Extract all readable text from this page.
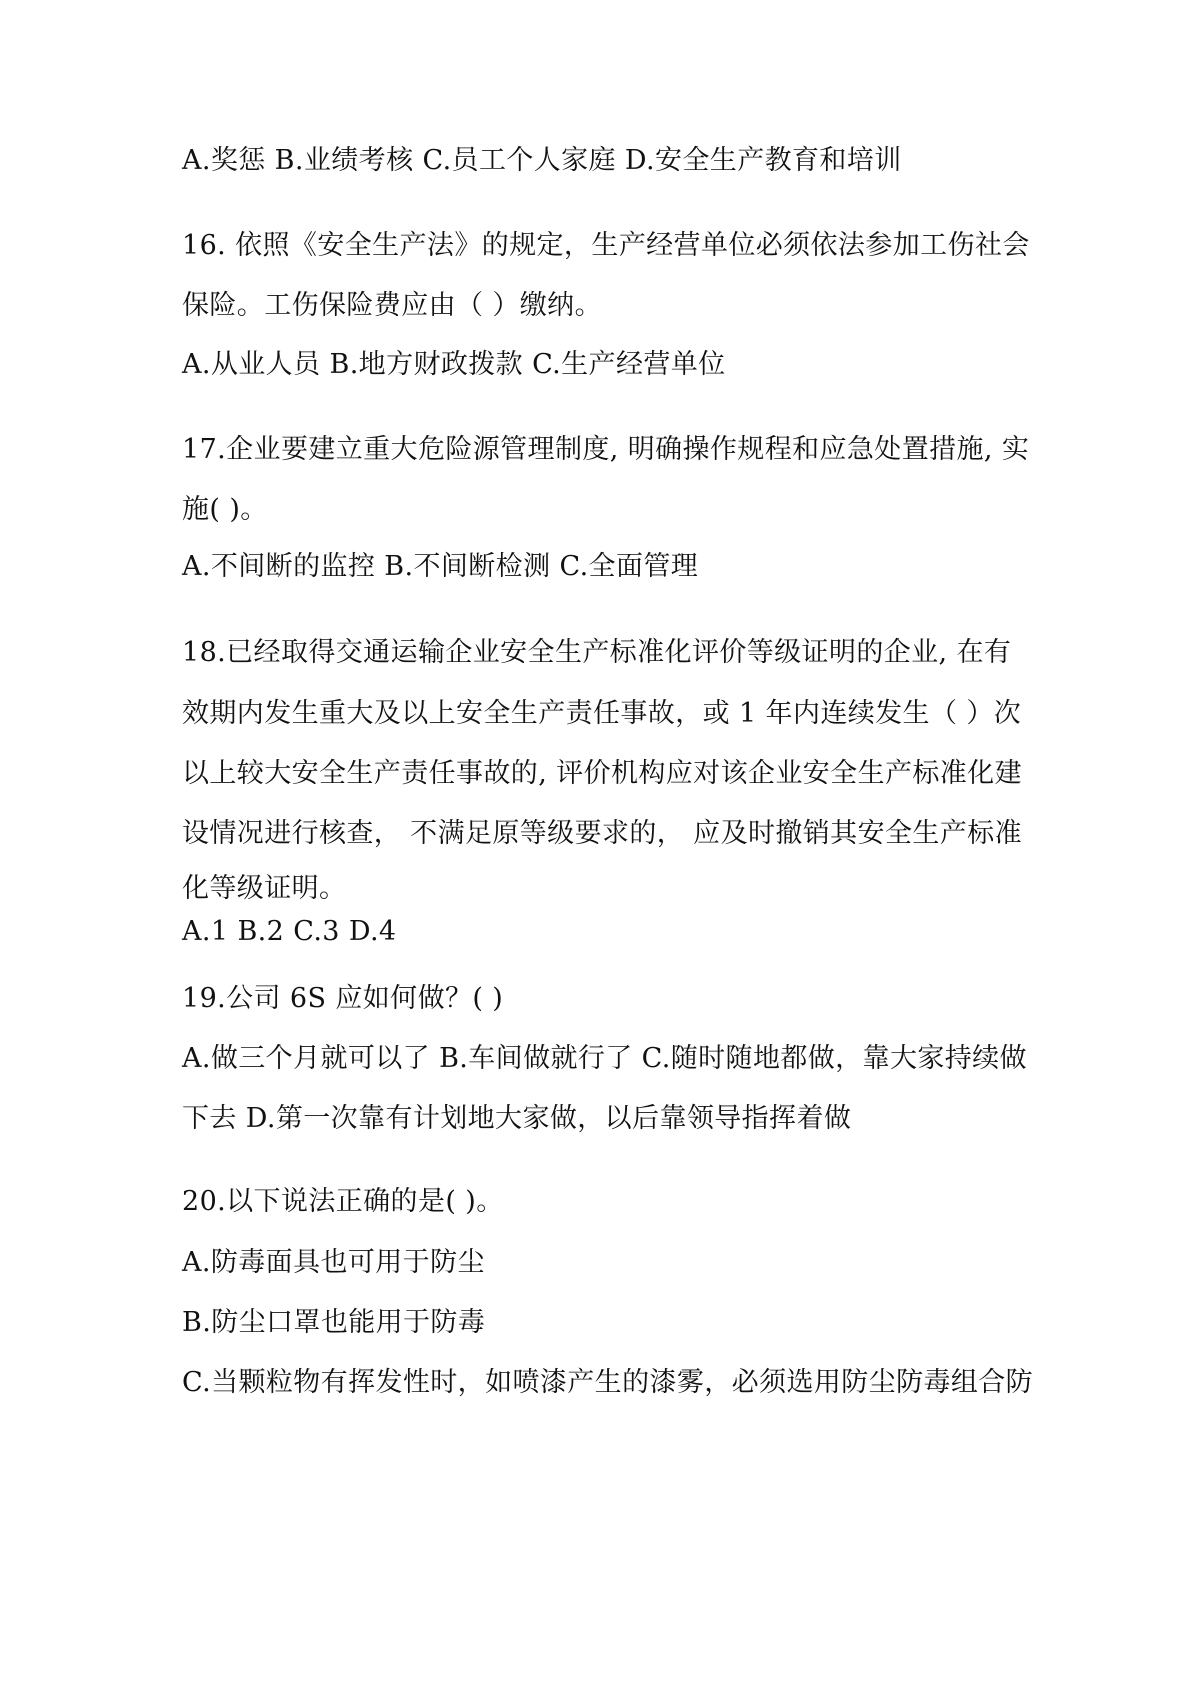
A.奖惩 B.业绩考核 C.员工个人家庭 D.安全生产教育和培训

16. 依照《安全生产法》的规定，生产经营单位必须依法参加工伤社会

保险。工伤保险费应由（ ）缴纳。

A.从业人员 B.地方财政拨款 C.生产经营单位

17.企业要建立重大危险源管理制度, 明确操作规程和应急处置措施, 实

施( )。

A.不间断的监控 B.不间断检测 C.全面管理

18.已经取得交通运输企业安全生产标准化评价等级证明的企业, 在有

效期内发生重大及以上安全生产责任事故，或 1 年内连续发生（ ）次

以上较大安全生产责任事故的, 评价机构应对该企业安全生产标准化建

设情况进行核查， 不满足原等级要求的， 应及时撤销其安全生产标准

化等级证明。

A.1 B.2 C.3 D.4

19.公司 6S 应如何做？( )

A.做三个月就可以了 B.车间做就行了 C.随时随地都做，靠大家持续做

下去 D.第一次靠有计划地大家做，以后靠领导指挥着做

20.以下说法正确的是( )。

A.防毒面具也可用于防尘

B.防尘口罩也能用于防毒

C.当颗粒物有挥发性时，如喷漆产生的漆雾，必须选用防尘防毒组合防
